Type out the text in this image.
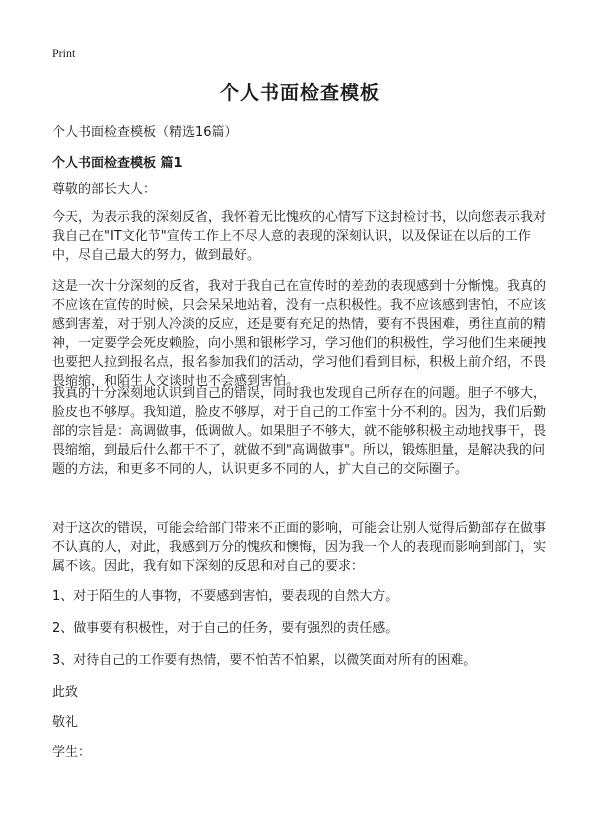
Print
个人书面检查模板

个人书面检查模板（精选16篇）

个人书面检查模板 篇1

尊敬的部长大人：

今天，为表示我的深刻反省，我怀着无比愧疚的心情写下这封检讨书，以向您表示我对我自己在"IT文化节"宣传工作上不尽人意的表现的深刻认识，以及保证在以后的工作中，尽自己最大的努力，做到最好。

这是一次十分深刻的反省，我对于我自己在宣传时的差劲的表现感到十分惭愧。我真的不应该在宣传的时候，只会呆呆地站着，没有一点积极性。我不应该感到害怕，不应该感到害羞，对于别人冷淡的反应，还是要有充足的热情，要有不畏困难，勇往直前的精神，一定要学会死皮赖脸，向小黑和银彬学习，学习他们的积极性，学习他们生来硬拽也要把人拉到报名点，报名参加我们的活动，学习他们看到目标，积极上前介绍，不畏畏缩缩，和陌生人交谈时也不会感到害怕。

我真的十分深刻地认识到自己的错误，同时我也发现自己所存在的问题。胆子不够大，脸皮也不够厚。我知道，脸皮不够厚，对于自己的工作室十分不利的。因为，我们后勤部的宗旨是：高调做事，低调做人。如果胆子不够大，就不能够积极主动地找事干，畏畏缩缩，到最后什么都干不了，就做不到"高调做事"。所以，锻炼胆量，是解决我的问题的方法，和更多不同的人，认识更多不同的人，扩大自己的交际圈子。

对于这次的错误，可能会给部门带来不正面的影响，可能会让别人觉得后勤部存在做事不认真的人，对此，我感到万分的愧疚和懊悔，因为我一个人的表现而影响到部门，实属不该。因此，我有如下深刻的反思和对自己的要求：

1、对于陌生的人事物，不要感到害怕，要表现的自然大方。

2、做事要有积极性，对于自己的任务，要有强烈的责任感。

3、对待自己的工作要有热情，要不怕苦不怕累，以微笑面对所有的困难。

此致

敬礼

学生：
